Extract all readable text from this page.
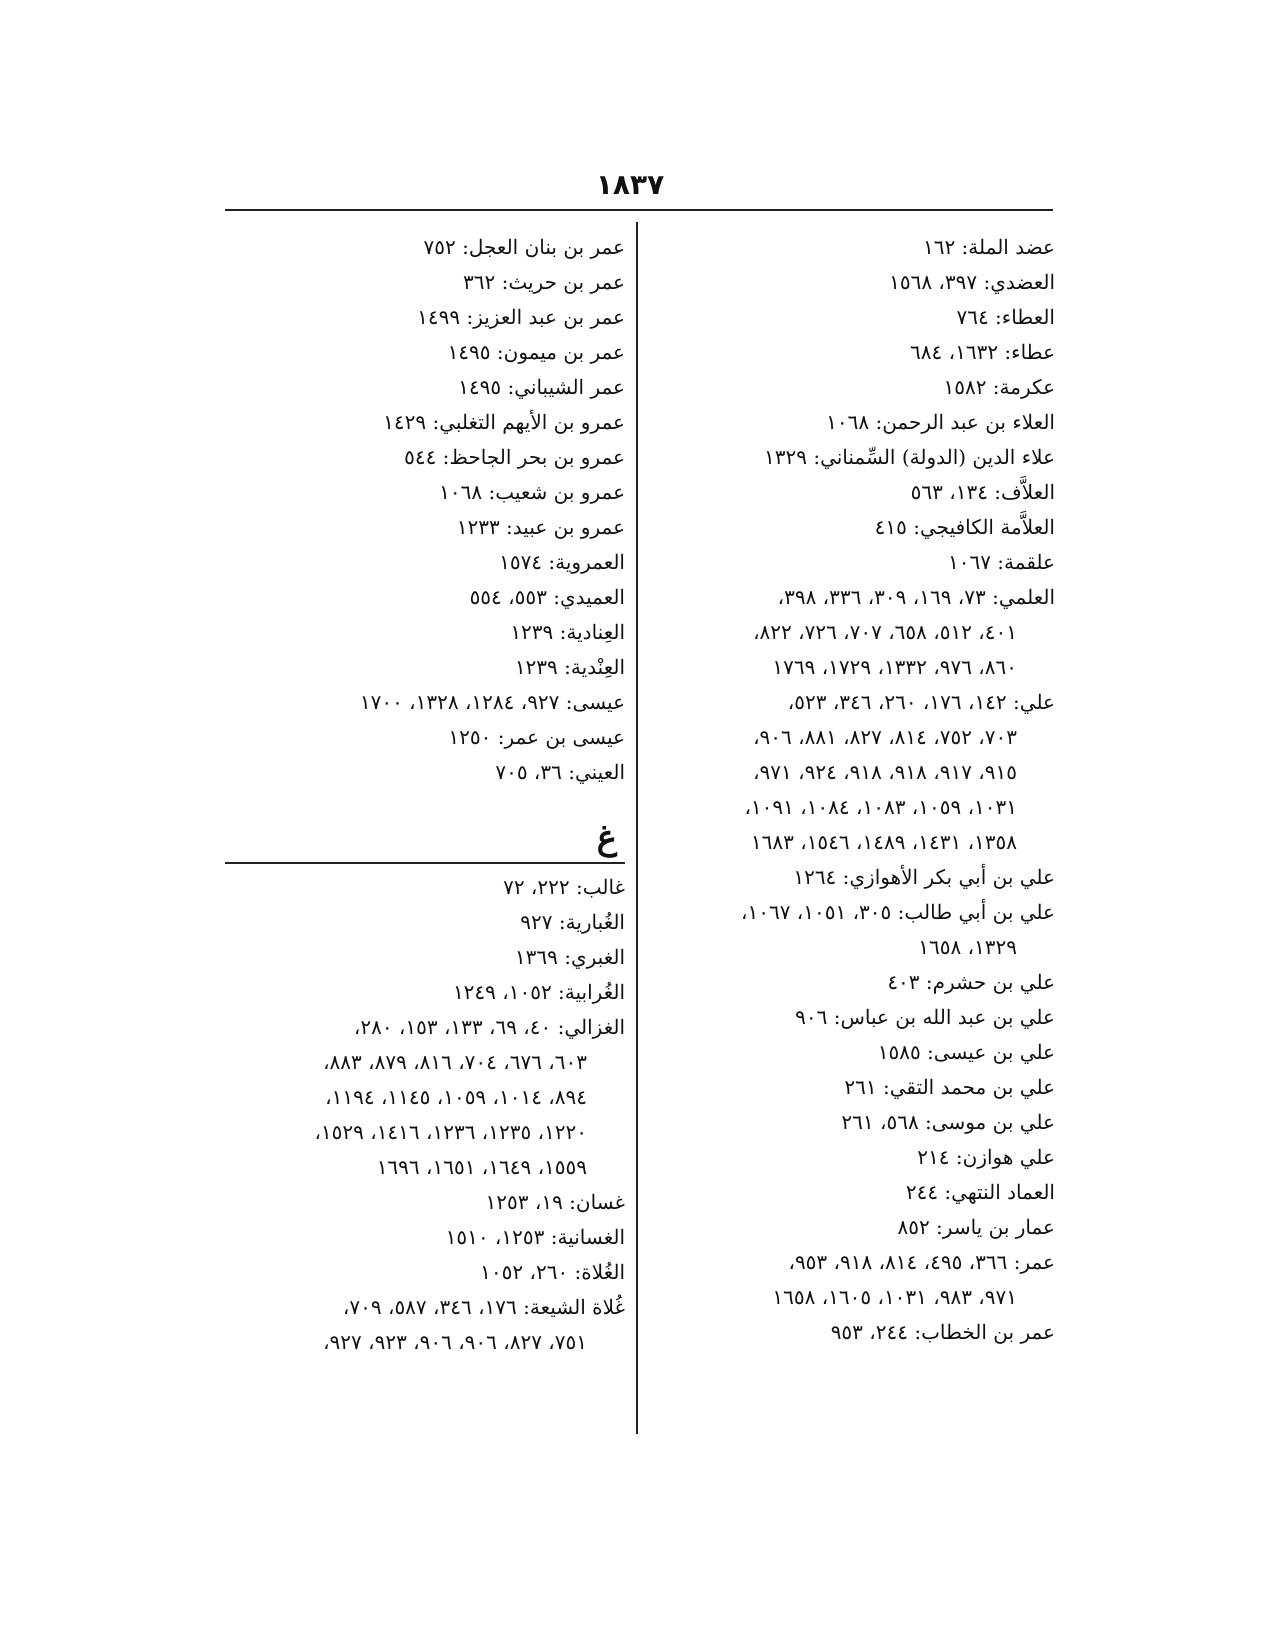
١٨٣٧
عضد الملة: ١٦٢
العضدي: ٣٩٧، ١٥٦٨
العطاء: ٧٦٤
عطاء: ١٦٣٢، ٦٨٤
عكرمة: ١٥٨٢
العلاء بن عبد الرحمن: ١٠٦٨
علاء الدين (الدولة) السِّمناني: ١٣٢٩
العلاَّف: ١٣٤، ٥٦٣
العلاَّمة الكافيجي: ٤١٥
علقمة: ١٠٦٧
العلمي: ٧٣، ١٦٩، ٣٠٩، ٣٣٦، ٣٩٨،
٤٠١، ٥١٢، ٦٥٨، ٧٠٧، ٧٢٦، ٨٢٢،
٨٦٠، ٩٧٦، ١٣٣٢، ١٧٢٩، ١٧٦٩
علي: ١٤٢، ١٧٦، ٢٦٠، ٣٤٦، ٥٢٣،
٧٠٣، ٧٥٢، ٨١٤، ٨٢٧، ٨٨١، ٩٠٦،
٩١٥، ٩١٧، ٩١٨، ٩١٨، ٩٢٤، ٩٧١،
١٠٣١، ١٠٥٩، ١٠٨٣، ١٠٨٤، ١٠٩١،
١٣٥٨، ١٤٣١، ١٤٨٩، ١٥٤٦، ١٦٨٣
علي بن أبي بكر الأهوازي: ١٢٦٤
علي بن أبي طالب: ٣٠٥، ١٠٥١، ١٠٦٧،
١٣٢٩، ١٦٥٨
علي بن حشرم: ٤٠٣
علي بن عبد الله بن عباس: ٩٠٦
علي بن عيسى: ١٥٨٥
علي بن محمد التقي: ٢٦١
علي بن موسى: ٥٦٨، ٢٦١
علي هوازن: ٢١٤
العماد النتهي: ٢٤٤
عمار بن ياسر: ٨٥٢
عمر: ٣٦٦، ٤٩٥، ٨١٤، ٩١٨، ٩٥٣،
٩٧١، ٩٨٣، ١٠٣١، ١٦٠٥، ١٦٥٨
عمر بن الخطاب: ٢٤٤، ٩٥٣
عمر بن بنان العجل: ٧٥٢
عمر بن حريث: ٣٦٢
عمر بن عبد العزيز: ١٤٩٩
عمر بن ميمون: ١٤٩٥
عمر الشيباني: ١٤٩٥
عمرو بن الأيهم التغلبي: ١٤٢٩
عمرو بن بحر الجاحظ: ٥٤٤
عمرو بن شعيب: ١٠٦٨
عمرو بن عبيد: ١٢٣٣
العمروية: ١٥٧٤
العميدي: ٥٥٣، ٥٥٤
العِنادية: ١٢٣٩
العِنْدية: ١٢٣٩
عيسى: ٩٢٧، ١٢٨٤، ١٣٢٨، ١٧٠٠
عيسى بن عمر: ١٢٥٠
العيني: ٣٦، ٧٠٥
غ
غالب: ٢٢٢، ٧٢
الغُبارية: ٩٢٧
الغبري: ١٣٦٩
الغُرابية: ١٠٥٢، ١٢٤٩
الغزالي: ٤٠، ٦٩، ١٣٣، ١٥٣، ٢٨٠،
٦٠٣، ٦٧٦، ٧٠٤، ٨١٦، ٨٧٩، ٨٨٣،
٨٩٤، ١٠١٤، ١٠٥٩، ١١٤٥، ١١٩٤،
١٢٢٠، ١٢٣٥، ١٢٣٦، ١٤١٦، ١٥٢٩،
١٥٥٩، ١٦٤٩، ١٦٥١، ١٦٩٦
غسان: ١٩، ١٢٥٣
الغسانية: ١٢٥٣، ١٥١٠
الغُلاة: ٢٦٠، ١٠٥٢
غُلاة الشيعة: ١٧٦، ٣٤٦، ٥٨٧، ٧٠٩،
٧٥١، ٨٢٧، ٩٠٦، ٩٠٦، ٩٢٣، ٩٢٧،
